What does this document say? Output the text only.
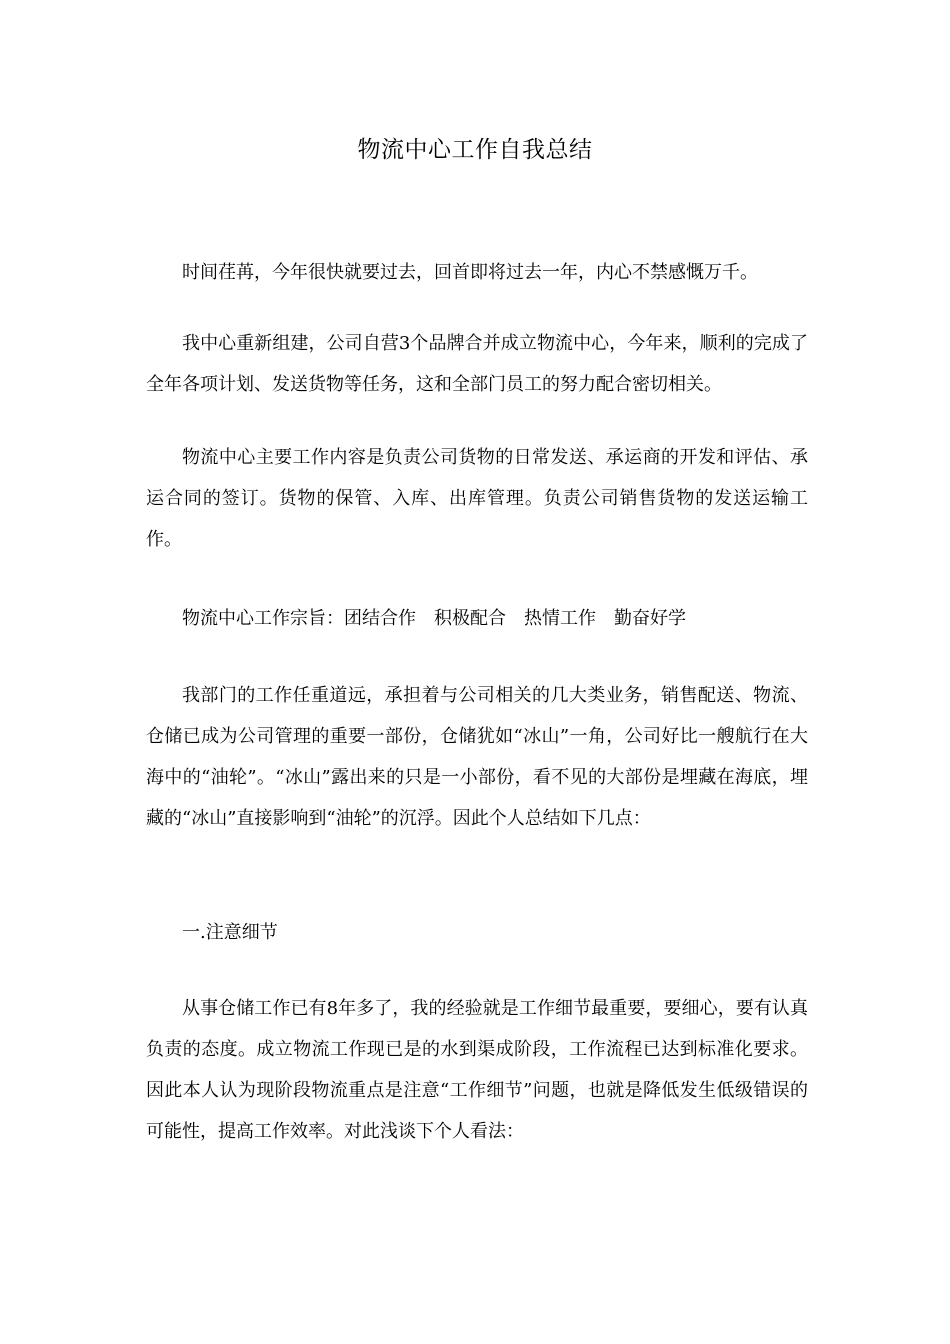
物流中心工作自我总结

时间荏苒，今年很快就要过去，回首即将过去一年，内心不禁感慨万千。

我中心重新组建，公司自营3个品牌合并成立物流中心，今年来，顺利的完成了全年各项计划、发送货物等任务，这和全部门员工的努力配合密切相关。

物流中心主要工作内容是负责公司货物的日常发送、承运商的开发和评估、承运合同的签订。货物的保管、入库、出库管理。负责公司销售货物的发送运输工作。

物流中心工作宗旨：团结合作　积极配合　热情工作　勤奋好学

我部门的工作任重道远，承担着与公司相关的几大类业务，销售配送、物流、仓储已成为公司管理的重要一部份，仓储犹如“冰山”一角，公司好比一艘航行在大海中的“油轮”。“冰山”露出来的只是一小部份，看不见的大部份是埋藏在海底，埋藏的“冰山”直接影响到“油轮”的沉浮。因此个人总结如下几点：

一.注意细节

从事仓储工作已有8年多了，我的经验就是工作细节最重要，要细心，要有认真负责的态度。成立物流工作现已是的水到渠成阶段，工作流程已达到标准化要求。因此本人认为现阶段物流重点是注意“工作细节”问题，也就是降低发生低级错误的可能性，提高工作效率。对此浅谈下个人看法：
